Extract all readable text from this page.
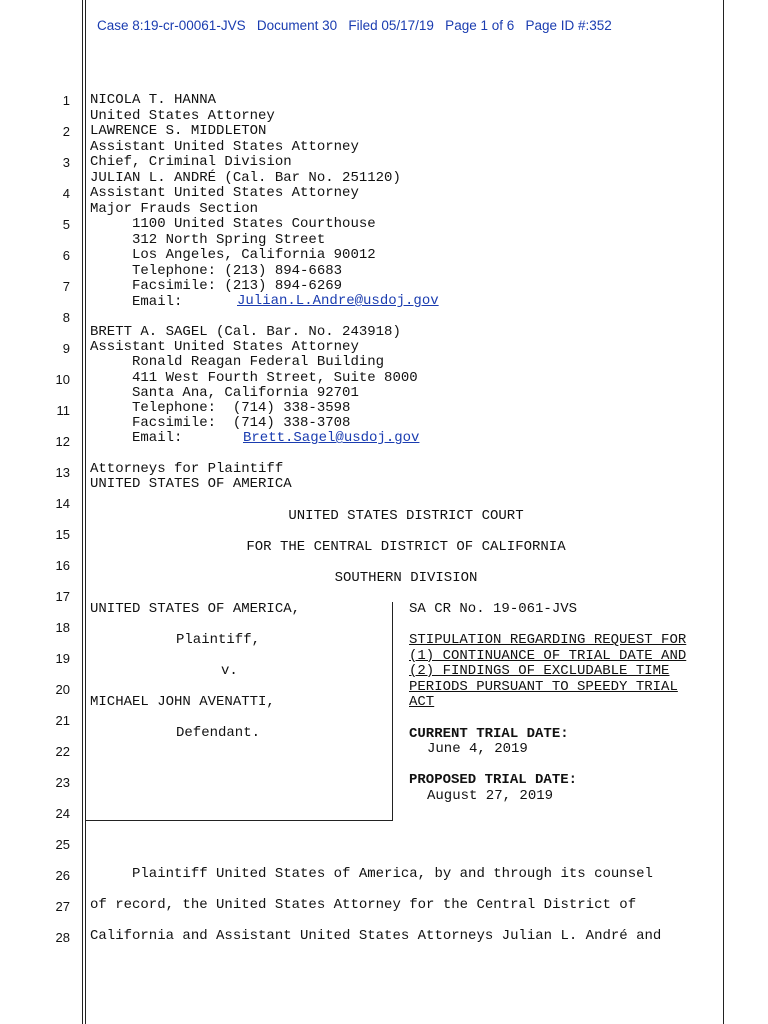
Case 8:19-cr-00061-JVS   Document 30   Filed 05/17/19   Page 1 of 6   Page ID #:352
1
2
3
4
5
6
7
8
9
10
11
12
13
14
15
16
17
18
19
20
21
22
23
24
25
26
27
28
NICOLA T. HANNA
United States Attorney
LAWRENCE S. MIDDLETON
Assistant United States Attorney
Chief, Criminal Division
JULIAN L. ANDRÉ (Cal. Bar No. 251120)
Assistant United States Attorney
Major Frauds Section
1100 United States Courthouse
312 North Spring Street
Los Angeles, California 90012
Telephone: (213) 894-6683
Facsimile: (213) 894-6269
Email: Julian.L.Andre@usdoj.gov
BRETT A. SAGEL (Cal. Bar. No. 243918)
Assistant United States Attorney
Ronald Reagan Federal Building
411 West Fourth Street, Suite 8000
Santa Ana, California 92701
Telephone:  (714) 338-3598
Facsimile:  (714) 338-3708
Email: Brett.Sagel@usdoj.gov
Attorneys for Plaintiff
UNITED STATES OF AMERICA
UNITED STATES DISTRICT COURT
FOR THE CENTRAL DISTRICT OF CALIFORNIA
SOUTHERN DIVISION
UNITED STATES OF AMERICA,
Plaintiff,
v.
MICHAEL JOHN AVENATTI,
Defendant.
SA CR No. 19-061-JVS
STIPULATION REGARDING REQUEST FOR
(1) CONTINUANCE OF TRIAL DATE AND
(2) FINDINGS OF EXCLUDABLE TIME
PERIODS PURSUANT TO SPEEDY TRIAL
ACT
CURRENT TRIAL DATE:
June 4, 2019
PROPOSED TRIAL DATE:
August 27, 2019
Plaintiff United States of America, by and through its counsel
of record, the United States Attorney for the Central District of
California and Assistant United States Attorneys Julian L. André and
